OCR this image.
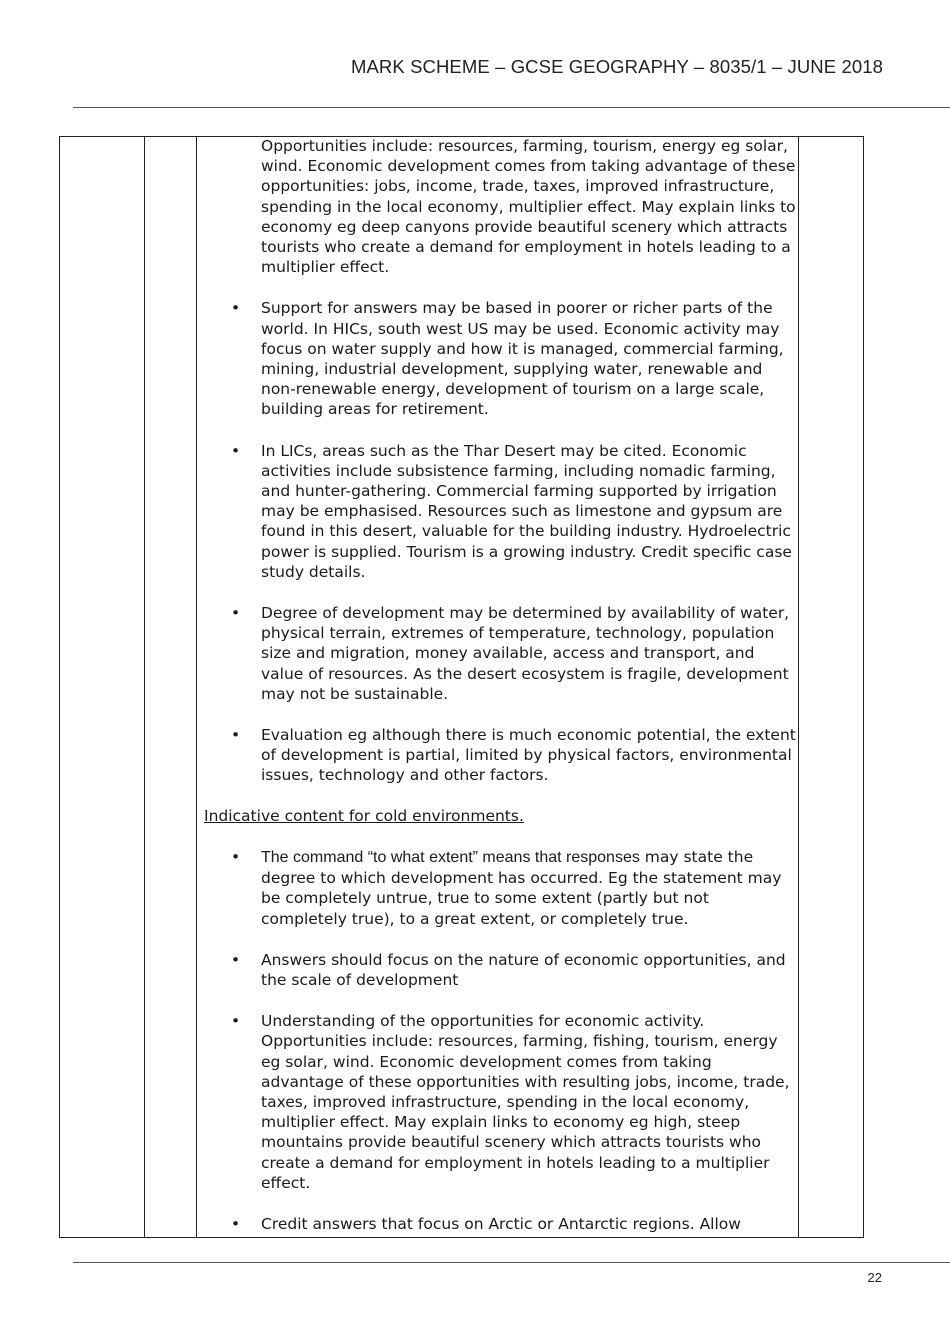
MARK SCHEME – GCSE GEOGRAPHY – 8035/1 – JUNE 2018

Opportunities include: resources, farming, tourism, energy eg solar, wind. Economic development comes from taking advantage of these opportunities: jobs, income, trade, taxes, improved infrastructure, spending in the local economy, multiplier effect. May explain links to economy eg deep canyons provide beautiful scenery which attracts tourists who create a demand for employment in hotels leading to a multiplier effect.

• Support for answers may be based in poorer or richer parts of the world. In HICs, south west US may be used. Economic activity may focus on water supply and how it is managed, commercial farming, mining, industrial development, supplying water, renewable and non-renewable energy, development of tourism on a large scale, building areas for retirement.
• In LICs, areas such as the Thar Desert may be cited. Economic activities include subsistence farming, including nomadic farming, and hunter-gathering. Commercial farming supported by irrigation may be emphasised. Resources such as limestone and gypsum are found in this desert, valuable for the building industry. Hydroelectric power is supplied. Tourism is a growing industry. Credit specific case study details.
• Degree of development may be determined by availability of water, physical terrain, extremes of temperature, technology, population size and migration, money available, access and transport, and value of resources. As the desert ecosystem is fragile, development may not be sustainable.
• Evaluation eg although there is much economic potential, the extent of development is partial, limited by physical factors, environmental issues, technology and other factors.
Indicative content for cold environments.
• The command “to what extent” means that responses may state the degree to which development has occurred. Eg the statement may be completely untrue, true to some extent (partly but not completely true), to a great extent, or completely true.
• Answers should focus on the nature of economic opportunities, and the scale of development
• Understanding of the opportunities for economic activity. Opportunities include: resources, farming, fishing, tourism, energy eg solar, wind. Economic development comes from taking advantage of these opportunities with resulting jobs, income, trade, taxes, improved infrastructure, spending in the local economy, multiplier effect. May explain links to economy eg high, steep mountains provide beautiful scenery which attracts tourists who create a demand for employment in hotels leading to a multiplier effect.
• Credit answers that focus on Arctic or Antarctic regions. Allow
22
